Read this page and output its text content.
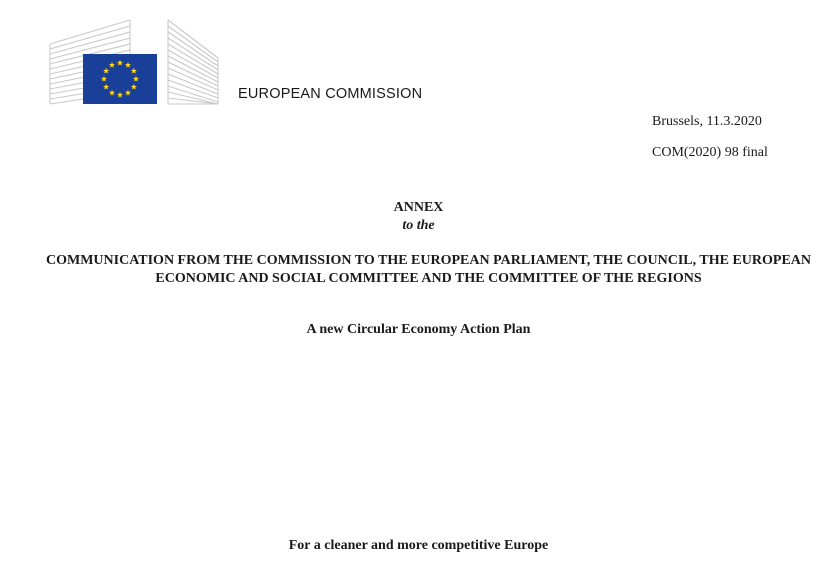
EUROPEAN COMMISSION
Brussels, 11.3.2020
COM(2020) 98 final
ANNEX
to the
COMMUNICATION FROM THE COMMISSION TO THE EUROPEAN PARLIAMENT, THE COUNCIL, THE EUROPEAN ECONOMIC AND SOCIAL COMMITTEE AND THE COMMITTEE OF THE REGIONS
A new Circular Economy Action Plan
For a cleaner and more competitive Europe
